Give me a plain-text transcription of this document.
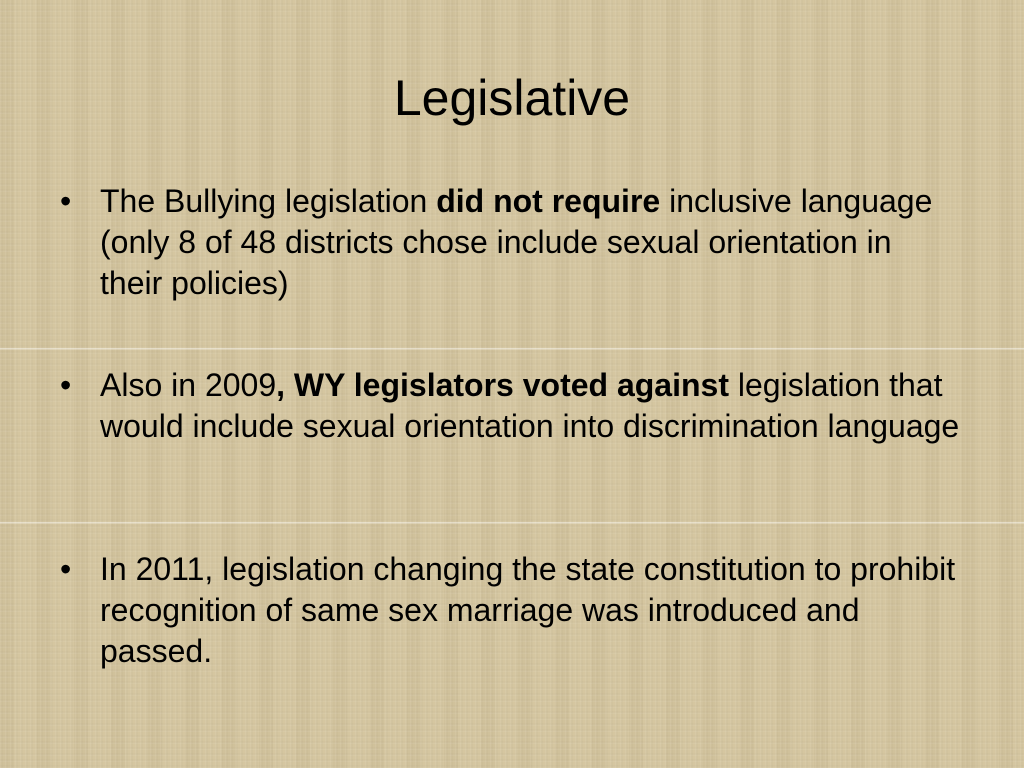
Legislative
• The Bullying legislation did not require inclusive language (only 8 of 48 districts chose include sexual orientation in their policies)
• Also in 2009, WY legislators voted against legislation that would include sexual orientation into discrimination language
• In 2011, legislation changing the state constitution to prohibit recognition of same sex marriage was introduced and passed.
